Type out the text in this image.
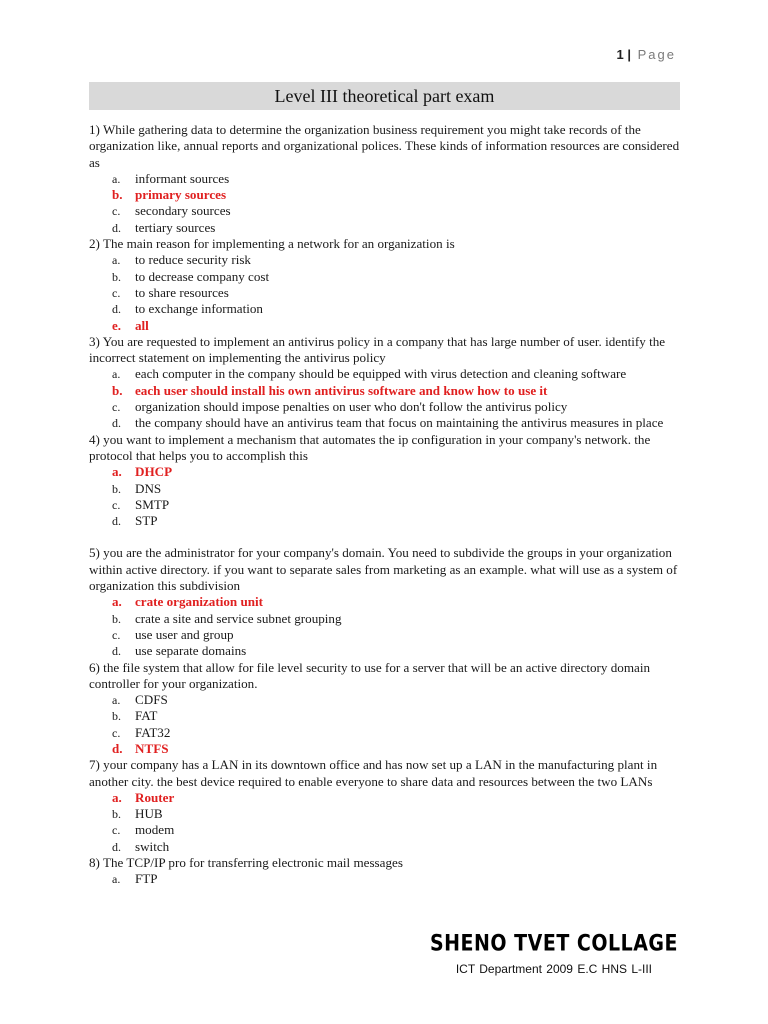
1 | Page
Level III theoretical part exam

1) While gathering data to determine the organization business requirement you might take records of the organization like, annual reports and organizational polices. These kinds of information resources are considered as

a.	informant sources
b. primary sources
c.	secondary sources
d.	tertiary sources

2) The main reason for implementing a network for an organization is

a.	to reduce security risk
b.	to decrease company cost
c.	to share resources
d.	to exchange information
e.	all

3) You are requested to implement an antivirus policy in a company that has large number of user. identify the incorrect statement on implementing the antivirus policy

a.	each computer in the company should be equipped with virus detection and cleaning software
b. each user should install his own antivirus software and know how to use it
c.	organization should impose penalties on user who don't follow the antivirus policy
d.	the company should have an antivirus team that focus on maintaining the antivirus measures in place

4) you want to implement a mechanism that automates the ip configuration in your company's network. the protocol that helps you to accomplish this

a.	DHCP
b.	DNS
c.	SMTP
d.	STP

5) you are the administrator for your company's domain. You need to subdivide the groups in your organization within active directory. if you want to separate sales from marketing as an example. what will use as a system of organization this subdivision

a.	crate organization unit
b.	crate a site and service subnet grouping
c.	use user and group
d.	use separate domains

6) the file system that allow for file level security to use for a server that will be an active directory domain controller for your organization.

a.	CDFS
b.	FAT
c.	FAT32
d. NTFS

7) your company has a LAN in its downtown office and has now set up a LAN in the manufacturing plant in another city. the best device required to enable everyone to share data and resources between the two LANs

a.	Router
b.	HUB
c.	modem
d.	switch

8) The TCP/IP pro for transferring electronic mail messages

a.	FTP
SHENO TVET COLLAGE
ICT Department 2009 E.C HNS L-III
